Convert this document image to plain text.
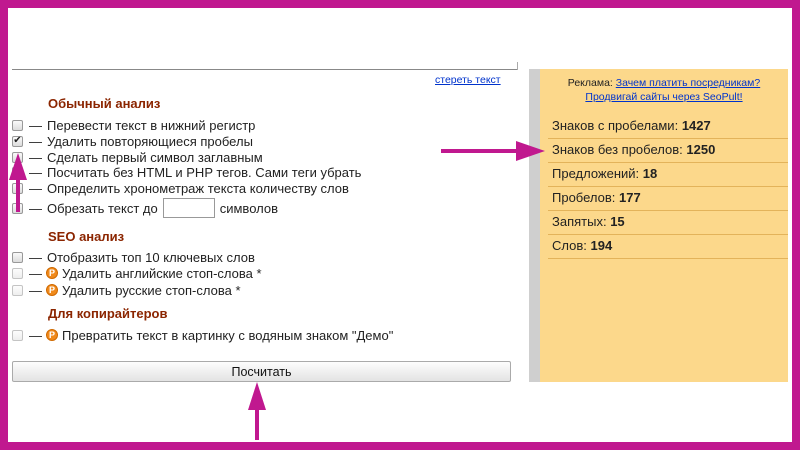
стереть текст
Обычный анализ
— Перевести текст в нижний регистр
✔ — Удалить повторяющиеся пробелы
— Сделать первый символ заглавным
— Посчитать без HTML и PHP тегов. Сами теги убрать
— Определить хронометраж текста количеству слов
— Обрезать текст до	символов
SEO анализ
— Отобразить топ 10 ключевых слов
— P Удалить английские стоп-слова *
— P Удалить русские стоп-слова *
Для копирайтеров
— P Превратить текст в картинку с водяным знаком "Демо"
Посчитать
Реклама: Зачем платить посредникам?
Продвигай сайты через SeoPult!
Знаков с пробелами: 1427
Знаков без пробелов: 1250
Предложений: 18
Пробелов: 177
Запятых: 15
Слов: 194
